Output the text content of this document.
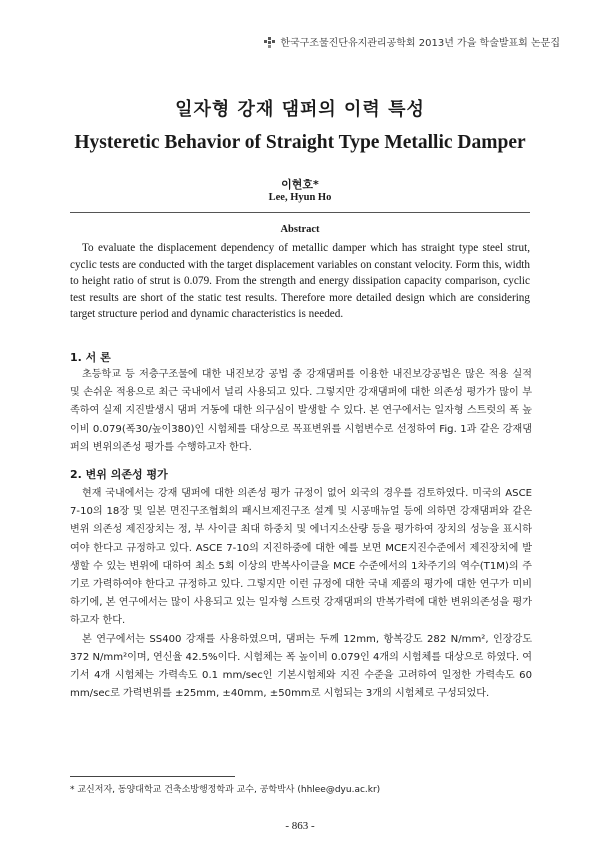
한국구조물진단유지관리공학회 2013년 가을 학술발표회 논문집
일자형 강재 댐퍼의 이력 특성
Hysteretic Behavior of Straight Type Metallic Damper
이현호*
Lee, Hyun Ho
Abstract
To evaluate the displacement dependency of metallic damper which has straight type steel strut, cyclic tests are conducted with the target displacement variables on constant velocity. Form this, width to height ratio of strut is 0.079. From the strength and energy dissipation capacity comparison, cyclic test results are short of the static test results. Therefore more detailed design which are considering target structure period and dynamic characteristics is needed.
1. 서 론

초등학교 등 저층구조물에 대한 내진보강 공법 중 강재댐퍼를 이용한 내진보강공법은 많은 적용 실적 및 손쉬운 적용으로 최근 국내에서 널리 사용되고 있다. 그렇지만 강재댐퍼에 대한 의존성 평가가 많이 부족하여 실제 지진발생시 댐퍼 거동에 대한 의구심이 발생할 수 있다. 본 연구에서는 일자형 스트럿의 폭 높이비 0.079(폭30/높이380)인 시험체를 대상으로 목표변위를 시험변수로 선정하여 Fig. 1과 같은 강재댐퍼의 변위의존성 평가를 수행하고자 한다.

2. 변위 의존성 평가

현재 국내에서는 강재 댐퍼에 대한 의존성 평가 규정이 없어 외국의 경우를 검토하였다. 미국의 ASCE 7-10의 18장 및 일본 면진구조협회의 패시브제진구조 설계 및 시공매뉴얼 등에 의하면 강재댐퍼와 같은 변위 의존성 제진장치는 정, 부 사이클 최대 하중치 및 에너지소산량 등을 평가하여 장치의 성능을 표시하여야 한다고 규정하고 있다. ASCE 7-10의 지진하중에 대한 예를 보면 MCE지진수준에서 제진장치에 발생할 수 있는 변위에 대하여 최소 5회 이상의 반복사이클을 MCE 수준에서의 1차주기의 역수(T1M)의 주기로 가력하여야 한다고 규정하고 있다. 그렇지만 이런 규정에 대한 국내 제품의 평가에 대한 연구가 미비하기에, 본 연구에서는 많이 사용되고 있는 일자형 스트럿 강재댐퍼의 반복가력에 대한 변위의존성을 평가하고자 한다.

본 연구에서는 SS400 강재를 사용하였으며, 댐퍼는 두께 12mm, 항복강도 282 N/mm², 인장강도 372 N/mm²이며, 연신율 42.5%이다. 시험체는 폭 높이비 0.079인 4개의 시험체를 대상으로 하였다. 여기서 4개 시험체는 가력속도 0.1 mm/sec인 기본시험체와 지진 수준을 고려하여 일정한 가력속도 60 mm/sec로 가력변위를 ±25mm, ±40mm, ±50mm로 시험되는 3개의 시험체로 구성되었다.

* 교신저자, 동양대학교 건축소방행정학과 교수, 공학박사 (hhlee@dyu.ac.kr)
- 863 -
